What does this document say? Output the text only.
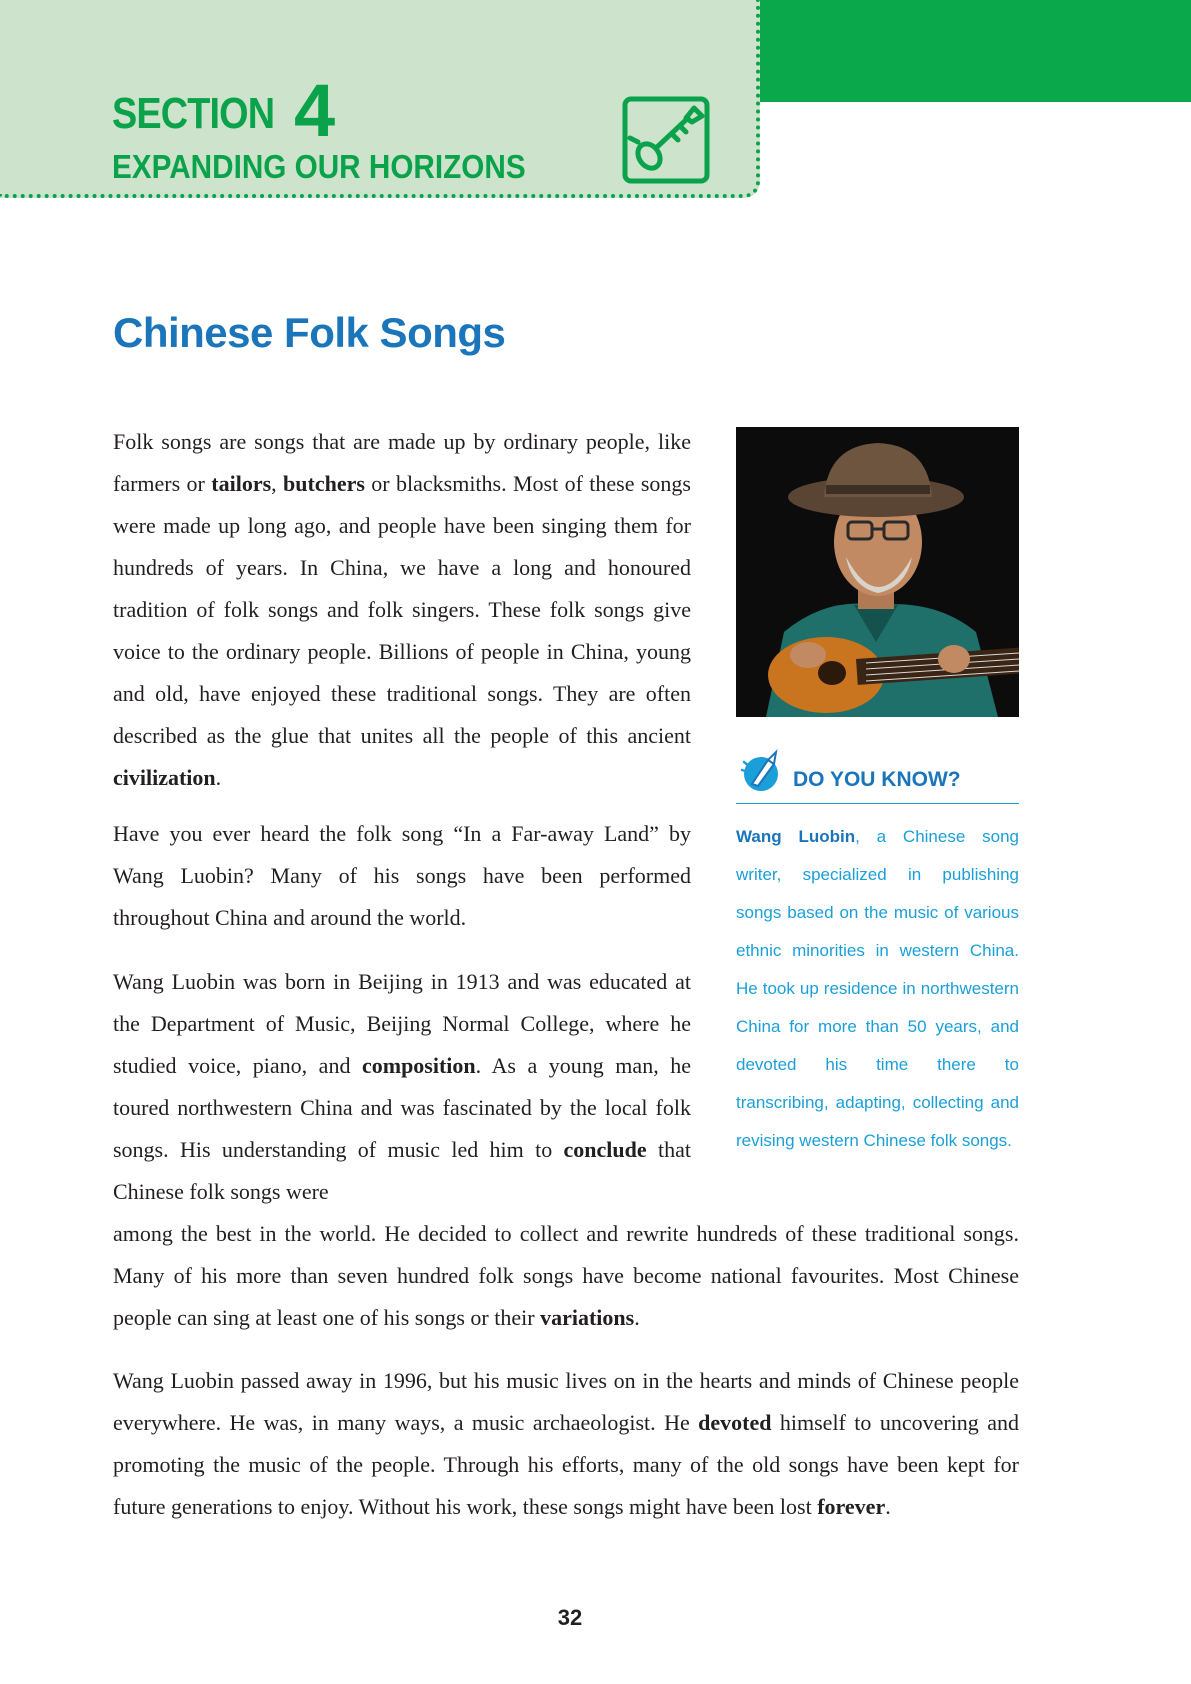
SECTION 4
EXPANDING OUR HORIZONS
Chinese Folk Songs

Folk songs are songs that are made up by ordinary people, like farmers or tailors, butchers or blacksmiths. Most of these songs were made up long ago, and people have been singing them for hundreds of years. In China, we have a long and honoured tradition of folk songs and folk singers. These folk songs give voice to the ordinary people. Billions of people in China, young and old, have enjoyed these traditional songs. They are often described as the glue that unites all the people of this ancient civilization.

Have you ever heard the folk song “In a Far-away Land” by Wang Luobin? Many of his songs have been performed throughout China and around the world.

Wang Luobin was born in Beijing in 1913 and was educated at the Department of Music, Beijing Normal College, where he studied voice, piano, and composition. As a young man, he toured northwestern China and was fascinated by the local folk songs. His understanding of music led him to conclude that Chinese folk songs were

among the best in the world. He decided to collect and rewrite hundreds of these traditional songs. Many of his more than seven hundred folk songs have become national favourites. Most Chinese people can sing at least one of his songs or their variations.

Wang Luobin passed away in 1996, but his music lives on in the hearts and minds of Chinese people everywhere. He was, in many ways, a music archaeologist. He devoted himself to uncovering and promoting the music of the people. Through his efforts, many of the old songs have been kept for future generations to enjoy. Without his work, these songs might have been lost forever.

DO YOU KNOW?

Wang Luobin, a Chinese song writer, specialized in publishing songs based on the music of various ethnic minorities in western China. He took up residence in northwestern China for more than 50 years, and devoted his time there to transcribing, adapting, collecting and revising western Chinese folk songs.

32
